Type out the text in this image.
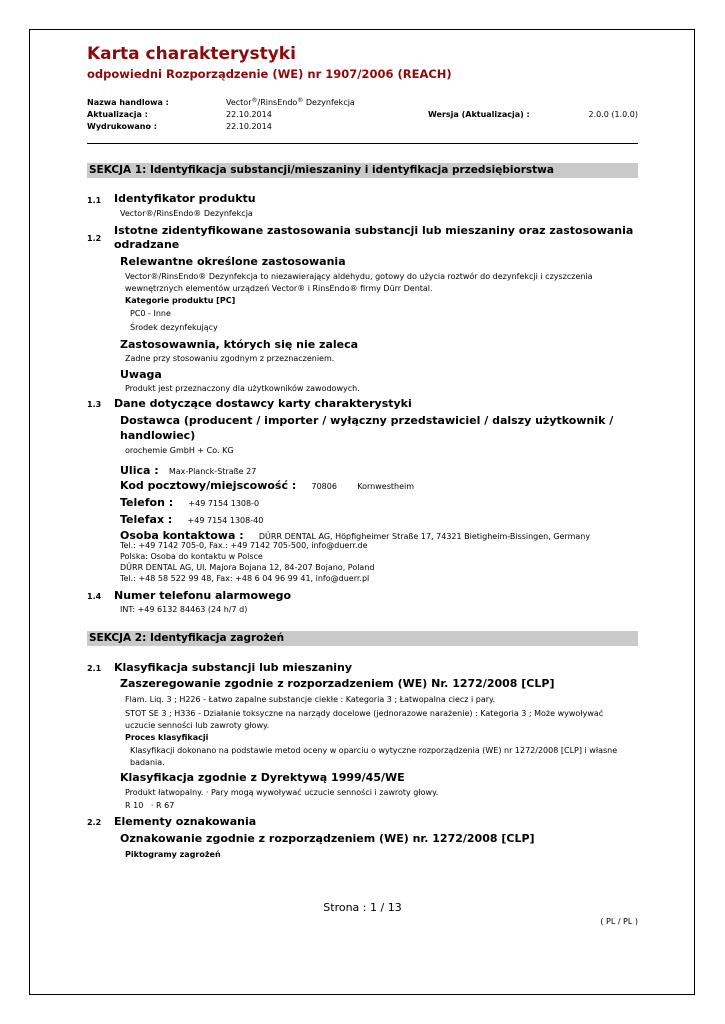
Karta charakterystyki
odpowiedni Rozporządzenie (WE) nr 1907/2006 (REACH)
Nazwa handlowa :	Vector®/RinsEndo® Dezynfekcja
Aktualizacja :	22.10.2014	Wersja (Aktualizacja) :	2.0.0 (1.0.0)
Wydrukowano :	22.10.2014
SEKCJA 1: Identyfikacja substancji/mieszaniny i identyfikacja przedsiębiorstwa
1.1 Identyfikator produktu
Vector®/RinsEndo® Dezynfekcja
1.2
Istotne zidentyfikowane zastosowania substancji lub mieszaniny oraz zastosowania odradzane
Relewantne określone zastosowania
Vector®/RinsEndo® Dezynfekcja to niezawierający aldehydu, gotowy do użycia roztwór do dezynfekcji i czyszczenia wewnętrznych elementów urządzeń Vector® i RinsEndo® firmy Dürr Dental.
Kategorie produktu [PC]
PC0 - Inne
Środek dezynfekujący
Zastosowawnia, których się nie zaleca
Zadne przy stosowaniu zgodnym z przeznaczeniem.
Uwaga
Produkt jest przeznaczony dla użytkowników zawodowych.
1.3 Dane dotyczące dostawcy karty charakterystyki
Dostawca (producent / importer / wyłączny przedstawiciel / dalszy użytkownik / handlowiec)
orochemie GmbH + Co. KG
Ulica : Max-Planck-Straße 27
Kod pocztowy/miejscowość : 70806	Kornwestheim
Telefon : +49 7154 1308-0
Telefax : +49 7154 1308-40
Osoba kontaktowa : DÜRR DENTAL AG, Höpfigheimer Straße 17, 74321 Bietigheim-Bissingen, Germany
Tel.: +49 7142 705-0, Fax.: +49 7142 705-500, info@duerr.de
Polska: Osoba do kontaktu w Polsce
DÜRR DENTAL AG, Ul. Majora Bojana 12, 84-207 Bojano, Poland
Tel.: +48 58 522 99 48, Fax: +48 6 04 96 99 41, info@duerr.pl
1.4 Numer telefonu alarmowego
INT: +49 6132 84463 (24 h/7 d)
SEKCJA 2: Identyfikacja zagrożeń
2.1 Klasyfikacja substancji lub mieszaniny
Zaszeregowanie zgodnie z rozporzadzeniem (WE) Nr. 1272/2008 [CLP]
Flam. Liq. 3 ; H226 - Łatwo zapalne substancje ciekłe : Kategoria 3 ; Łatwopalna ciecz i pary.
STOT SE 3 ; H336 - Działanie toksyczne na narządy docelowe (jednorazowe narażenie) : Kategoria 3 ; Może wywoływać uczucie senności lub zawroty głowy.
Proces klasyfikacji
Klasyfikacji dokonano na podstawie metod oceny w oparciu o wytyczne rozporządzenia (WE) nr 1272/2008 [CLP] i własne badania.
Klasyfikacja zgodnie z Dyrektywą 1999/45/WE
Produkt łatwopalny. · Pary mogą wywoływać uczucie senności i zawroty głowy.
R 10   · R 67
2.2 Elementy oznakowania
Oznakowanie zgodnie z rozporządzeniem (WE) nr. 1272/2008 [CLP]
Piktogramy zagrożeń
Strona : 1 / 13
( PL / PL )
